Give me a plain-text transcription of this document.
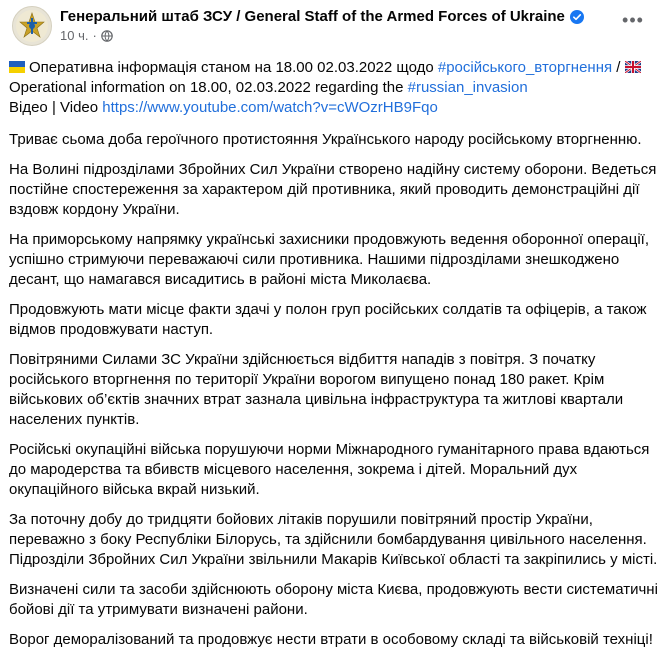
Генеральний штаб ЗСУ / General Staff of the Armed Forces of Ukraine
10 ч. ·
•••

Оперативна інформація станом на 18.00 02.03.2022 щодо #російського_вторгнення /
Operational information on 18.00, 02.03.2022 regarding the #russian_invasion
Відео | Video https://www.youtube.com/watch?v=cWOzrHB9Fqo

Триває сьома доба героїчного протистояння Українського народу російському вторгненню.

На Волині підрозділами Збройних Сил України створено надійну систему оборони. Ведеться постійне спостереження за характером дій противника, який проводить демонстраційні дії вздовж кордону України.

На приморському напрямку українські захисники продовжують ведення оборонної операції, успішно стримуючи переважаючі сили противника. Нашими підрозділами знешкоджено десант, що намагався висадитись в районі міста Миколаєва.

Продовжують мати місце факти здачі у полон груп російських солдатів та офіцерів, а також відмов продовжувати наступ.

Повітряними Силами ЗС України здійснюється відбиття нападів з повітря. З початку російського вторгнення по території України ворогом випущено понад 180 ракет. Крім військових об’єктів значних втрат зазнала цивільна інфраструктура та житлові квартали населених пунктів.

Російські окупаційні війська порушуючи норми Міжнародного гуманітарного права вдаються до мародерства та вбивств місцевого населення, зокрема і дітей. Моральний дух окупаційного війська вкрай низький.

За поточну добу до тридцяти бойових літаків порушили повітряний простір України, переважно з боку Республіки Білорусь, та здійснили бомбардування цивільного населення. Підрозділи Збройних Сил України звільнили Макарів Київської області та закріпились у місті.

Визначені сили та засоби здійснюють оборону міста Києва, продовжують вести систематичні бойові дії та утримувати визначені райони.

Ворог деморалізований та продовжує нести втрати в особовому складі та військовій техніці!
